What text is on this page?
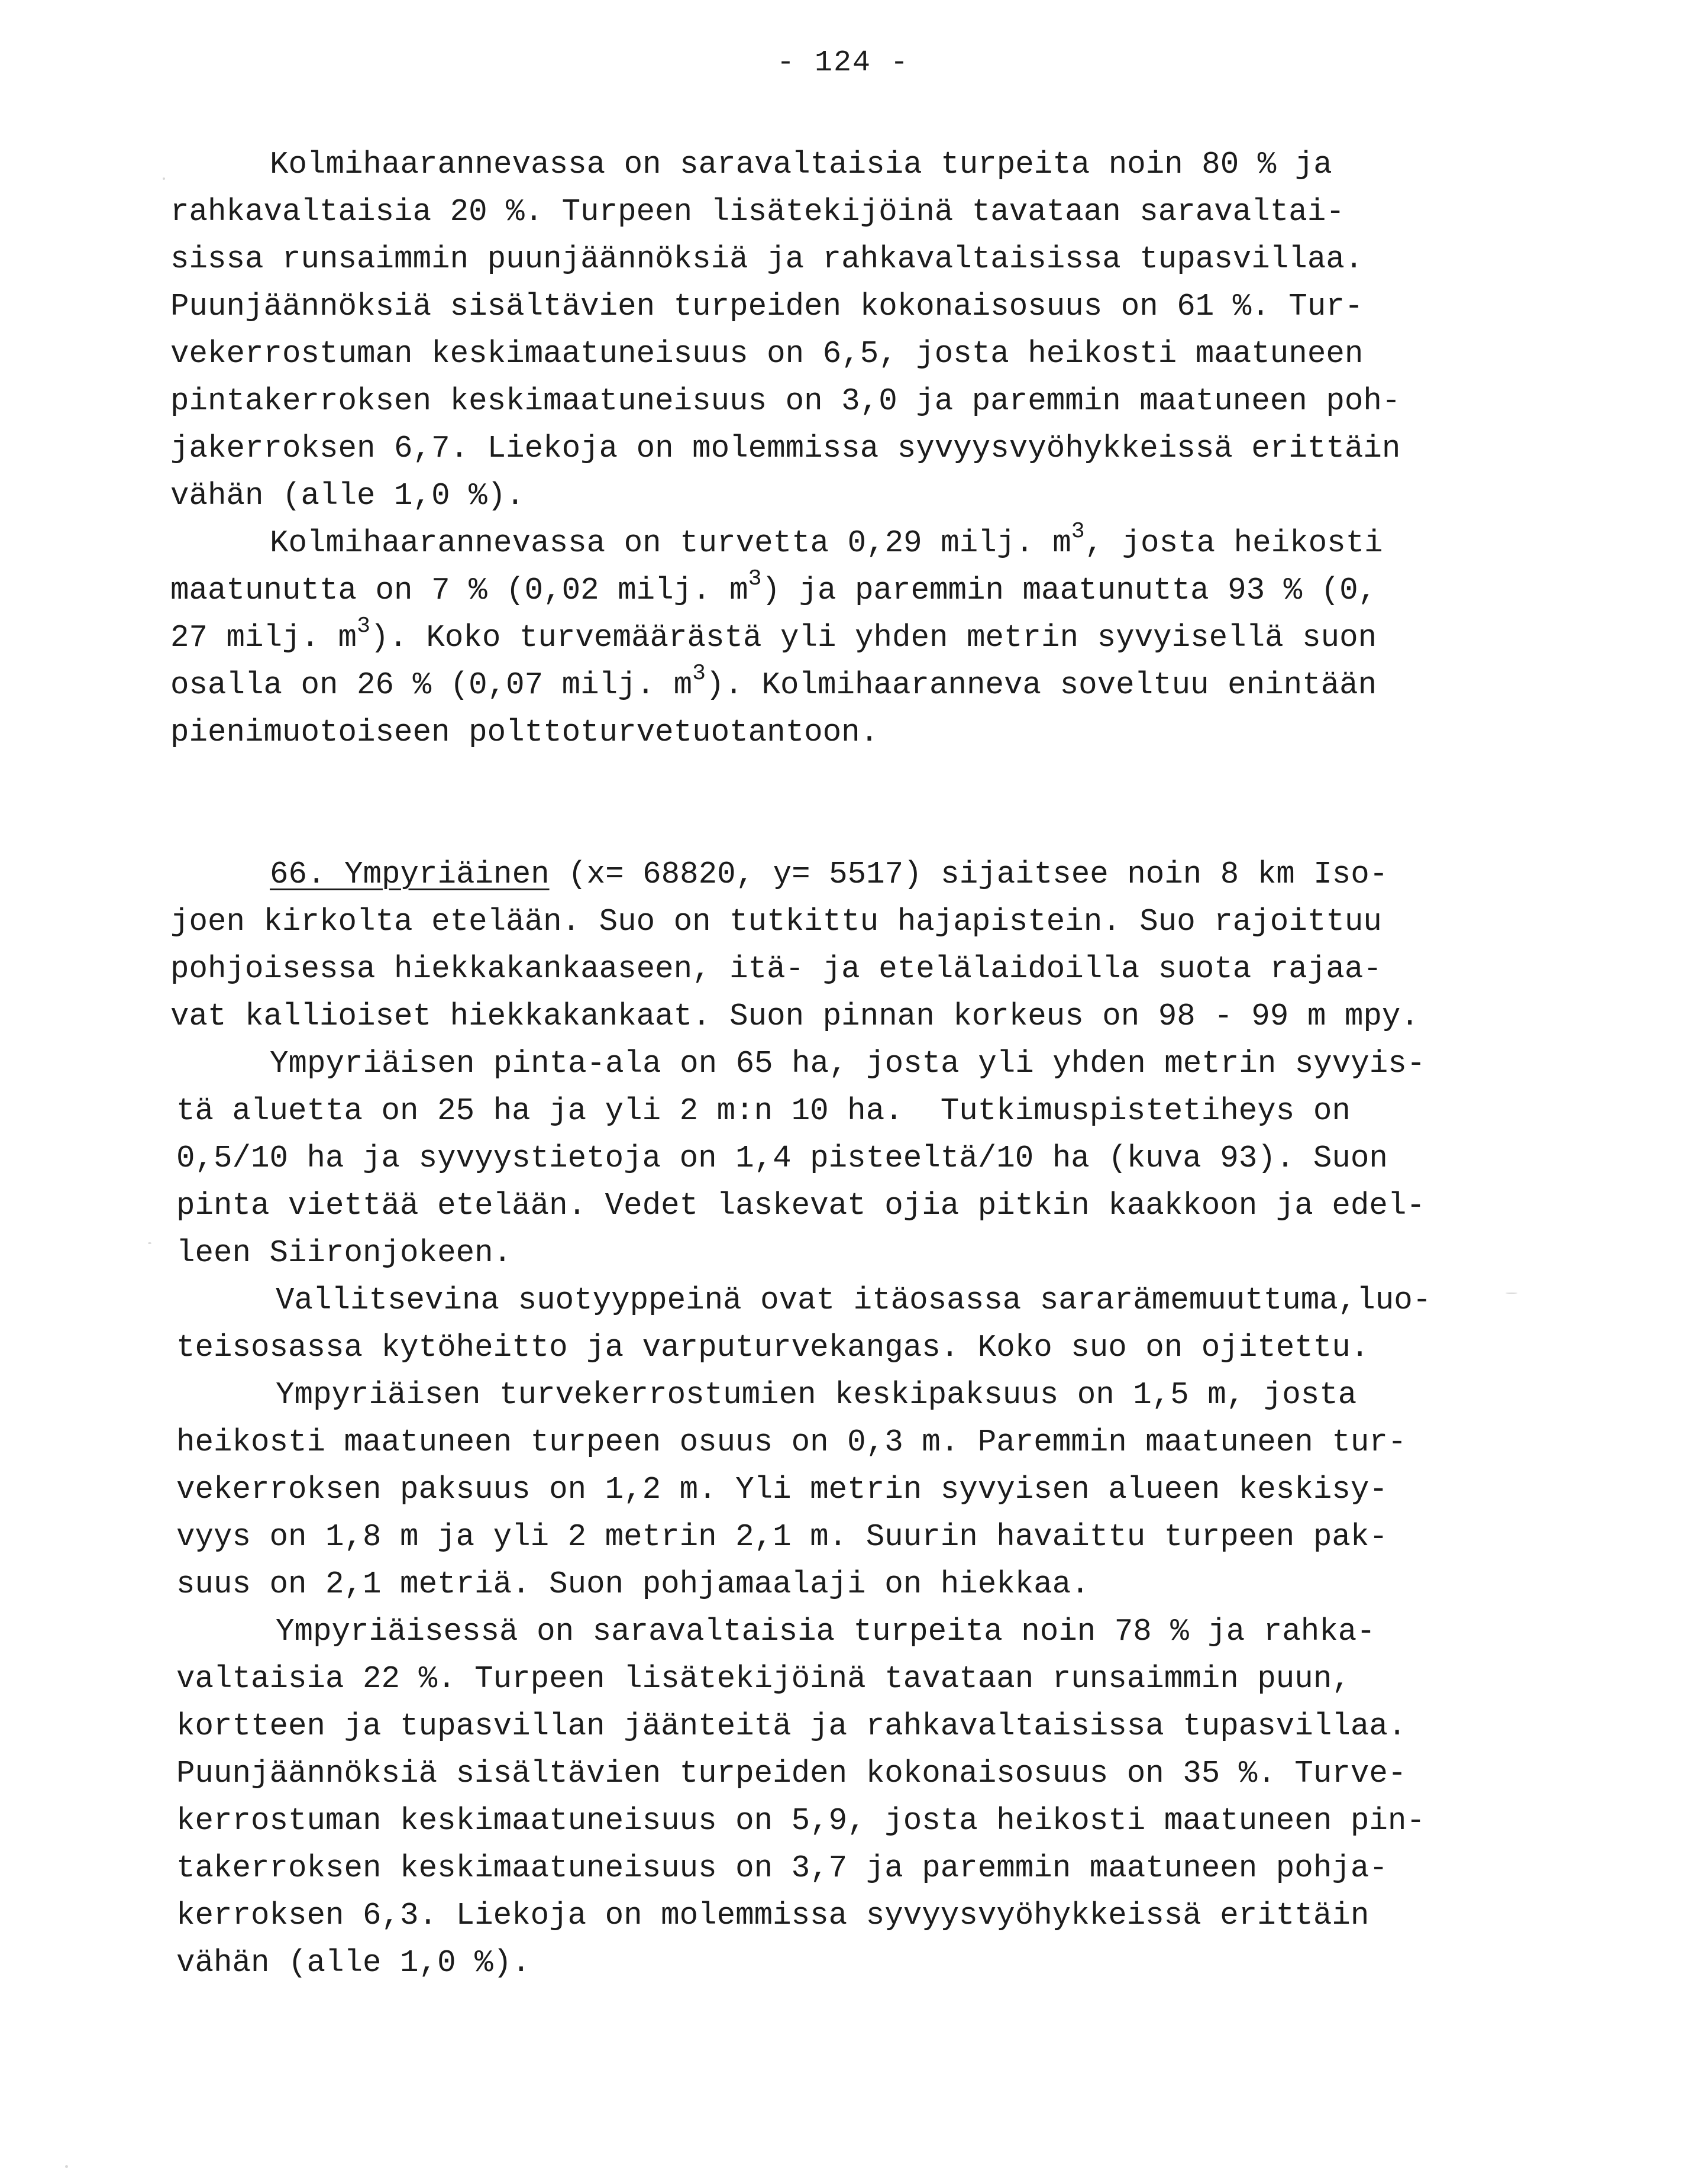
- 124 -
Kolmihaarannevassa on saravaltaisia turpeita noin 80 % ja
rahkavaltaisia 20 %. Turpeen lisätekijöinä tavataan saravaltai-
sissa runsaimmin puunjäännöksiä ja rahkavaltaisissa tupasvillaa.
Puunjäännöksiä sisältävien turpeiden kokonaisosuus on 61 %. Tur-
vekerrostuman keskimaatuneisuus on 6,5, josta heikosti maatuneen
pintakerroksen keskimaatuneisuus on 3,0 ja paremmin maatuneen poh-
jakerroksen 6,7. Liekoja on molemmissa syvyysvyöhykkeissä erittäin
vähän (alle 1,0 %).
Kolmihaarannevassa on turvetta 0,29 milj. $m^3$, josta heikosti
maatunutta on 7 % (0,02 milj. $m^3$) ja paremmin maatunutta 93 % (0,
27 milj. $m^3$). Koko turvemäärästä yli yhden metrin syvyisellä suon
osalla on 26 % (0,07 milj. $m^3$). Kolmihaaranneva soveltuu enintään
pienimuotoiseen polttoturvetuotantoon.
66. Ympyriäinen (x= 68820, y= 5517) sijaitsee noin 8 km Iso-
joen kirkolta etelään. Suo on tutkittu hajapistein. Suo rajoittuu
pohjoisessa hiekkakankaaseen, itä- ja etelälaidoilla suota rajaa-
vat kallioiset hiekkakankaat. Suon pinnan korkeus on 98 - 99 m mpy.
Ympyriäisen pinta-ala on 65 ha, josta yli yhden metrin syvyis-
tä aluetta on 25 ha ja yli 2 m:n 10 ha.  Tutkimuspistetiheys on
0,5/10 ha ja syvyystietoja on 1,4 pisteeltä/10 ha (kuva 93). Suon
pinta viettää etelään. Vedet laskevat ojia pitkin kaakkoon ja edel-
leen Siironjokeen.
Vallitsevina suotyyppeinä ovat itäosassa sararämemuuttuma,luo-
teisosassa kytöheitto ja varputurvekangas. Koko suo on ojitettu.
Ympyriäisen turvekerrostumien keskipaksuus on 1,5 m, josta
heikosti maatuneen turpeen osuus on 0,3 m. Paremmin maatuneen tur-
vekerroksen paksuus on 1,2 m. Yli metrin syvyisen alueen keskisy-
vyys on 1,8 m ja yli 2 metrin 2,1 m. Suurin havaittu turpeen pak-
suus on 2,1 metriä. Suon pohjamaalaji on hiekkaa.
Ympyriäisessä on saravaltaisia turpeita noin 78 % ja rahka-
valtaisia 22 %. Turpeen lisätekijöinä tavataan runsaimmin puun,
kortteen ja tupasvillan jäänteitä ja rahkavaltaisissa tupasvillaa.
Puunjäännöksiä sisältävien turpeiden kokonaisosuus on 35 %. Turve-
kerrostuman keskimaatuneisuus on 5,9, josta heikosti maatuneen pin-
takerroksen keskimaatuneisuus on 3,7 ja paremmin maatuneen pohja-
kerroksen 6,3. Liekoja on molemmissa syvyysvyöhykkeissä erittäin
vähän (alle 1,0 %).
